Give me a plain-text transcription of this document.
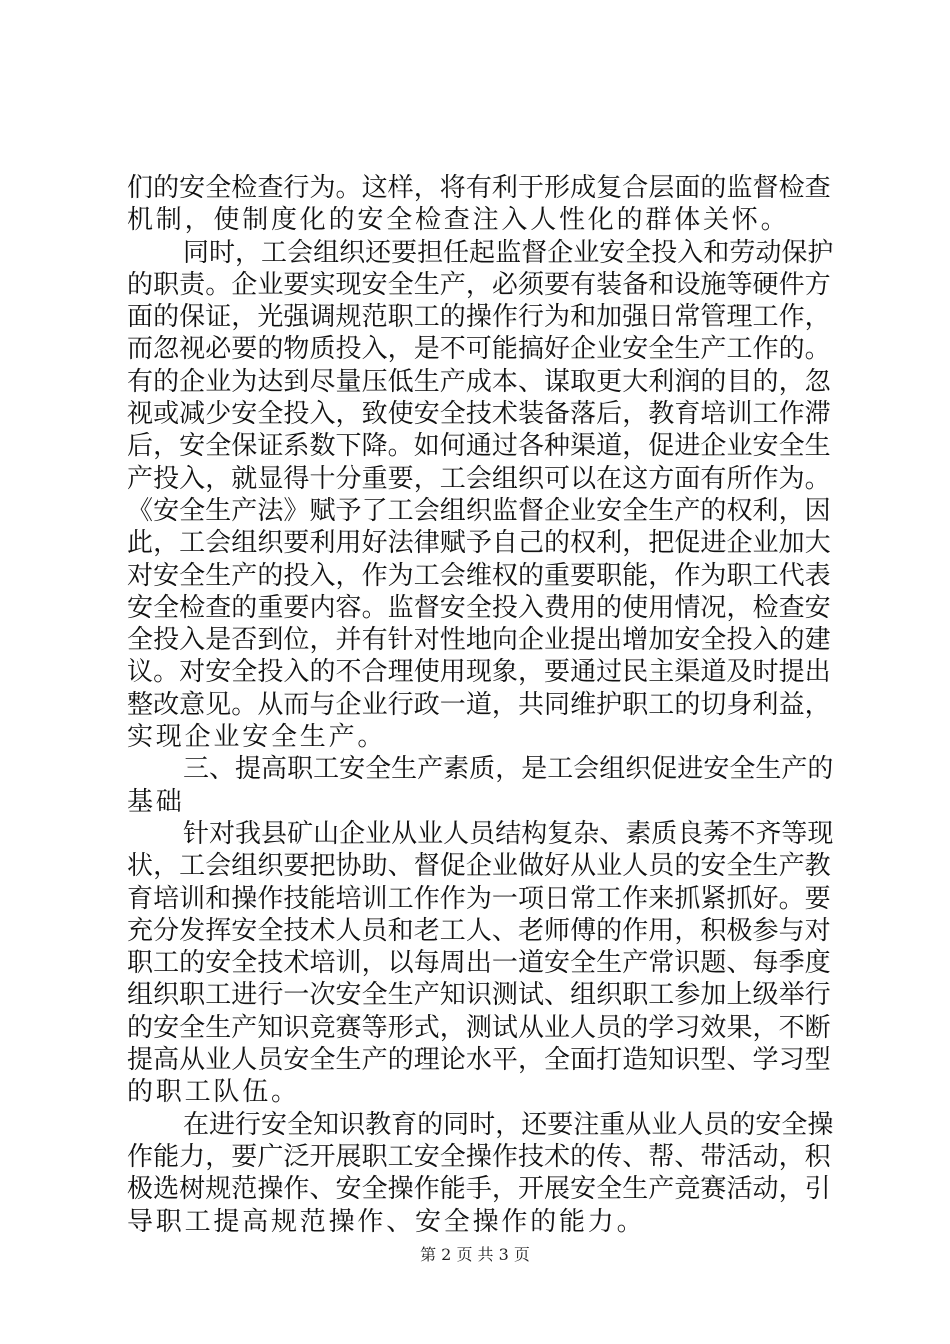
们 的 安 全 检 查 行 为 。 这 样 ， 将 有 利 于 形 成 复 合 层 面 的 监 督 检 查
机制，使制度化的安全检查注入人性化的群体关怀。
同 时 ， 工 会 组 织 还 要 担 任 起 监 督 企 业 安 全 投 入 和 劳 动 保 护
的 职 责 。 企 业 要 实 现 安 全 生 产 ， 必 须 要 有 装 备 和 设 施 等 硬 件 方
面 的 保 证 ， 光 强 调 规 范 职 工 的 操 作 行 为 和 加 强 日 常 管 理 工 作 ，
而 忽 视 必 要 的 物 质 投 入 ， 是 不 可 能 搞 好 企 业 安 全 生 产 工 作 的 。
有 的 企 业 为 达 到 尽 量 压 低 生 产 成 本 、 谋 取 更 大 利 润 的 目 的 ， 忽
视 或 减 少 安 全 投 入 ， 致 使 安 全 技 术 装 备 落 后 ， 教 育 培 训 工 作 滞
后 ， 安 全 保 证 系 数 下 降 。 如 何 通 过 各 种 渠 道 ， 促 进 企 业 安 全 生
产 投 入 ， 就 显 得 十 分 重 要 ， 工 会 组 织 可 以 在 这 方 面 有 所 作 为 。
《 安 全 生 产 法 》 赋 予 了 工 会 组 织 监 督 企 业 安 全 生 产 的 权 利 ， 因
此 ， 工 会 组 织 要 利 用 好 法 律 赋 予 自 己 的 权 利 ， 把 促 进 企 业 加 大
对 安 全 生 产 的 投 入 ， 作 为 工 会 维 权 的 重 要 职 能 ， 作 为 职 工 代 表
安 全 检 查 的 重 要 内 容 。 监 督 安 全 投 入 费 用 的 使 用 情 况 ， 检 查 安
全 投 入 是 否 到 位 ， 并 有 针 对 性 地 向 企 业 提 出 增 加 安 全 投 入 的 建
议 。 对 安 全 投 入 的 不 合 理 使 用 现 象 ， 要 通 过 民 主 渠 道 及 时 提 出
整 改 意 见 。 从 而 与 企 业 行 政 一 道 ， 共 同 维 护 职 工 的 切 身 利 益 ，
实现企业安全生产。
三 、 提 高 职 工 安 全 生 产 素 质 ， 是 工 会 组 织 促 进 安 全 生 产 的
基础
针 对 我 县 矿 山 企 业 从 业 人 员 结 构 复 杂 、 素 质 良 莠 不 齐 等 现
状 ， 工 会 组 织 要 把 协 助 、 督 促 企 业 做 好 从 业 人 员 的 安 全 生 产 教
育 培 训 和 操 作 技 能 培 训 工 作 作 为 一 项 日 常 工 作 来 抓 紧 抓 好 。 要
充 分 发 挥 安 全 技 术 人 员 和 老 工 人 、 老 师 傅 的 作 用 ， 积 极 参 与 对
职 工 的 安 全 技 术 培 训 ， 以 每 周 出 一 道 安 全 生 产 常 识 题 、 每 季 度
组 织 职 工 进 行 一 次 安 全 生 产 知 识 测 试 、 组 织 职 工 参 加 上 级 举 行
的 安 全 生 产 知 识 竞 赛 等 形 式 ， 测 试 从 业 人 员 的 学 习 效 果 ， 不 断
提 高 从 业 人 员 安 全 生 产 的 理 论 水 平 ， 全 面 打 造 知 识 型 、 学 习 型
的职工队伍。
在 进 行 安 全 知 识 教 育 的 同 时 ， 还 要 注 重 从 业 人 员 的 安 全 操
作 能 力 ， 要 广 泛 开 展 职 工 安 全 操 作 技 术 的 传 、 帮 、 带 活 动 ， 积
极 选 树 规 范 操 作 、 安 全 操 作 能 手 ， 开 展 安 全 生 产 竞 赛 活 动 ， 引
导职工提高规范操作、安全操作的能力。
第 2 页 共 3 页
